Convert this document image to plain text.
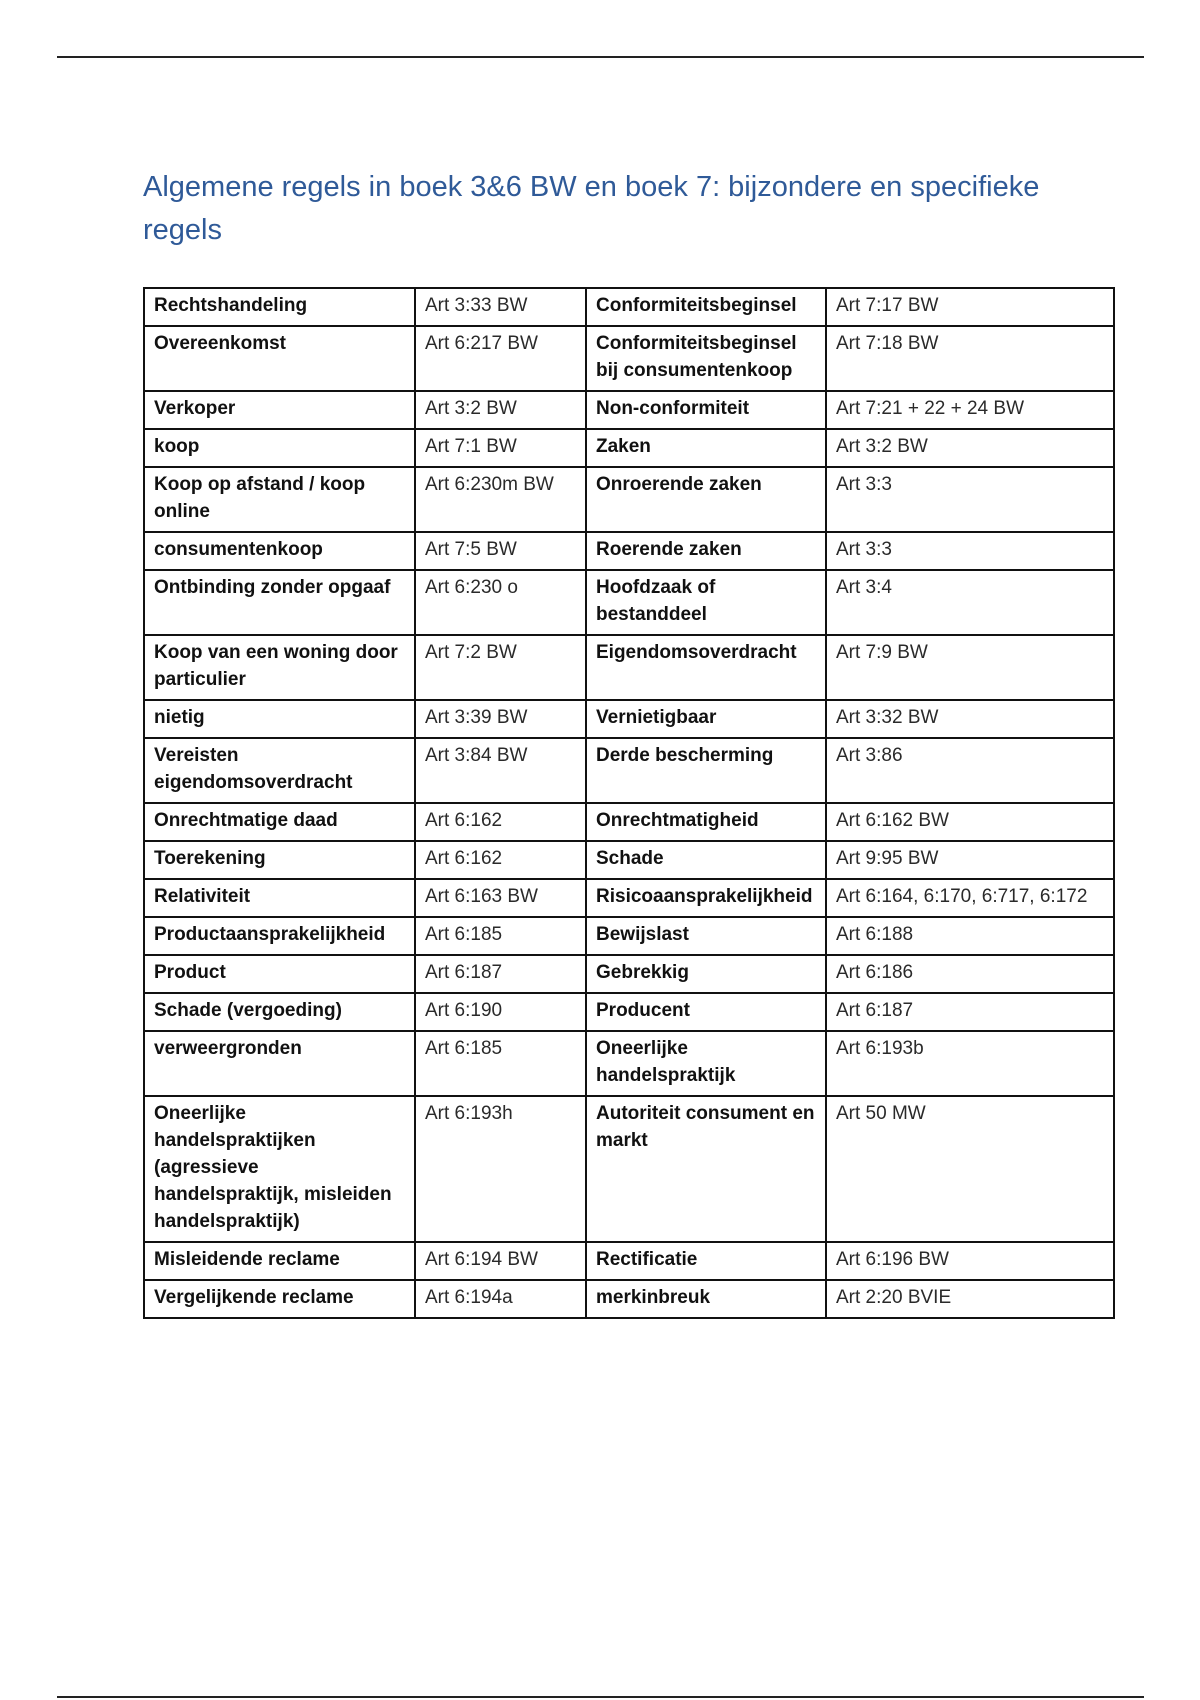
Algemene regels in boek 3&6 BW en boek 7: bijzondere en specifieke regels
Rechtshandeling	Art 3:33 BW	Conformiteitsbeginsel	Art 7:17 BW
Overeenkomst	Art 6:217 BW	Conformiteitsbeginsel bij consumentenkoop	Art 7:18 BW
Verkoper	Art 3:2 BW	Non-conformiteit	Art 7:21 + 22 + 24 BW
koop	Art 7:1 BW	Zaken	Art 3:2 BW
Koop op afstand / koop online	Art 6:230m BW	Onroerende zaken	Art 3:3
consumentenkoop	Art 7:5 BW	Roerende zaken	Art 3:3
Ontbinding zonder opgaaf	Art 6:230 o	Hoofdzaak of bestanddeel	Art 3:4
Koop van een woning door particulier	Art 7:2 BW	Eigendomsoverdracht	Art 7:9 BW
nietig	Art 3:39 BW	Vernietigbaar	Art 3:32 BW
Vereisten eigendomsoverdracht	Art 3:84 BW	Derde bescherming	Art 3:86
Onrechtmatige daad	Art 6:162	Onrechtmatigheid	Art 6:162 BW
Toerekening	Art 6:162	Schade	Art 9:95 BW
Relativiteit	Art 6:163 BW	Risicoaansprakelijkheid	Art 6:164, 6:170, 6:717, 6:172
Productaansprakelijkheid	Art 6:185	Bewijslast	Art 6:188
Product	Art 6:187	Gebrekkig	Art 6:186
Schade (vergoeding)	Art 6:190	Producent	Art 6:187
verweergronden	Art 6:185	Oneerlijke handelspraktijk	Art 6:193b
Oneerlijke handelspraktijken (agressieve handelspraktijk, misleiden handelspraktijk)	Art 6:193h	Autoriteit consument en markt	Art 50 MW
Misleidende reclame	Art 6:194 BW	Rectificatie	Art 6:196 BW
Vergelijkende reclame	Art 6:194a	merkinbreuk	Art 2:20 BVIE
